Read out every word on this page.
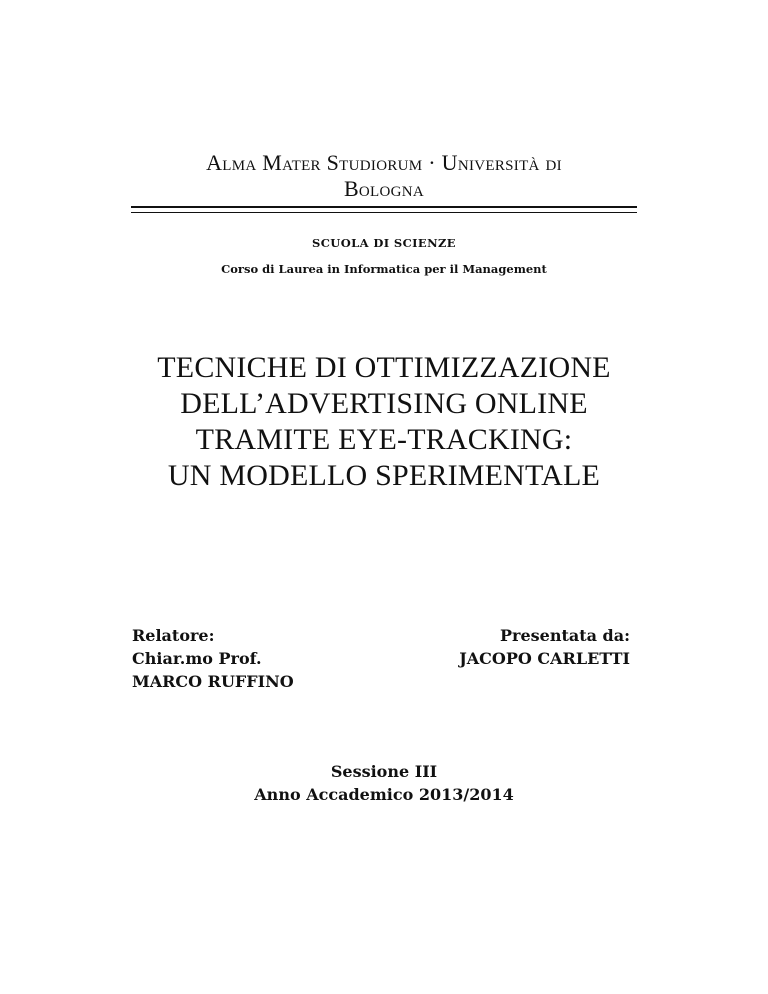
Alma Mater Studiorum · Università di
Bologna
SCUOLA DI SCIENZE
Corso di Laurea in Informatica per il Management
TECNICHE DI OTTIMIZZAZIONE
DELL’ADVERTISING ONLINE
TRAMITE EYE-TRACKING:
UN MODELLO SPERIMENTALE
Relatore:
Chiar.mo Prof.
MARCO RUFFINO
Presentata da:
JACOPO CARLETTI
Sessione III
Anno Accademico 2013/2014
